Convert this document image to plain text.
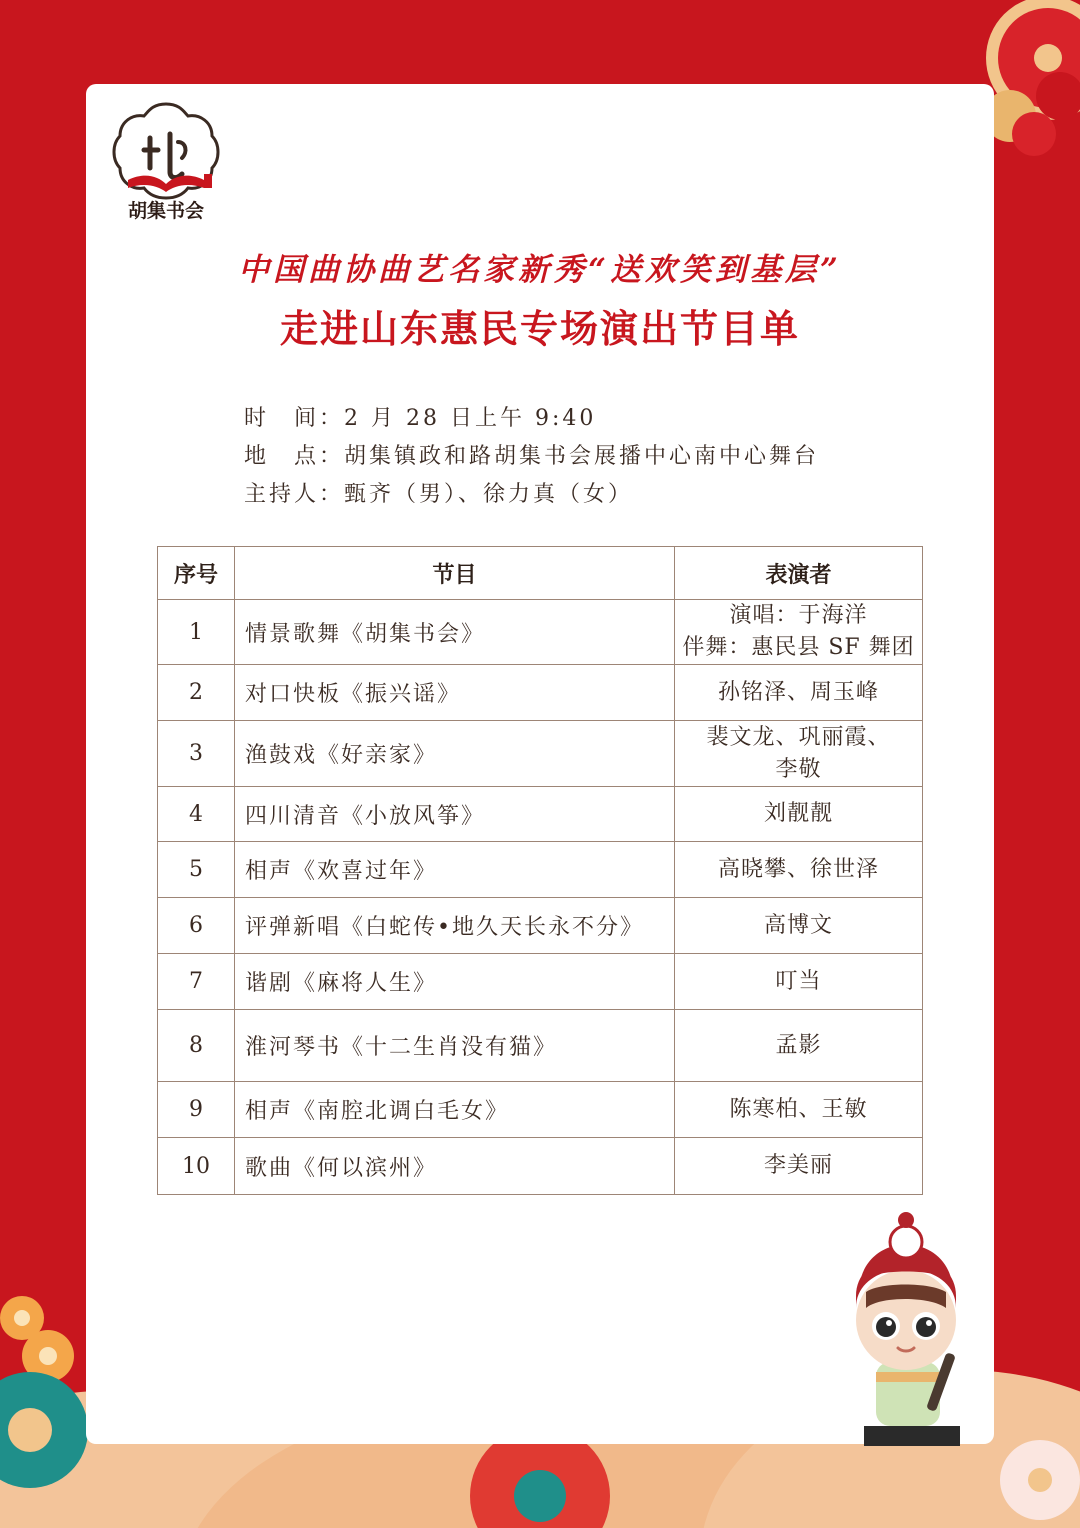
胡集书会
中国曲协曲艺名家新秀“送欢笑到基层”
走进山东惠民专场演出节目单
时　间：2 月 28 日上午 9:40
地　点：胡集镇政和路胡集书会展播中心南中心舞台
主持人：甄齐（男）、徐力真（女）
序号	节目	表演者
1	情景歌舞《胡集书会》	演唱：于海洋
伴舞：惠民县 SF 舞团

2	对口快板《振兴谣》	孙铭泽、周玉峰

3	渔鼓戏《好亲家》	裴文龙、巩丽霞、
李敬

4	四川清音《小放风筝》	刘靓靓

5	相声《欢喜过年》	高晓攀、徐世泽

6	评弹新唱《白蛇传•地久天长永不分》	高博文

7	谐剧《麻将人生》	叮当

8	淮河琴书《十二生肖没有猫》	孟影

9	相声《南腔北调白毛女》	陈寒柏、王敏

10	歌曲《何以滨州》	李美丽
